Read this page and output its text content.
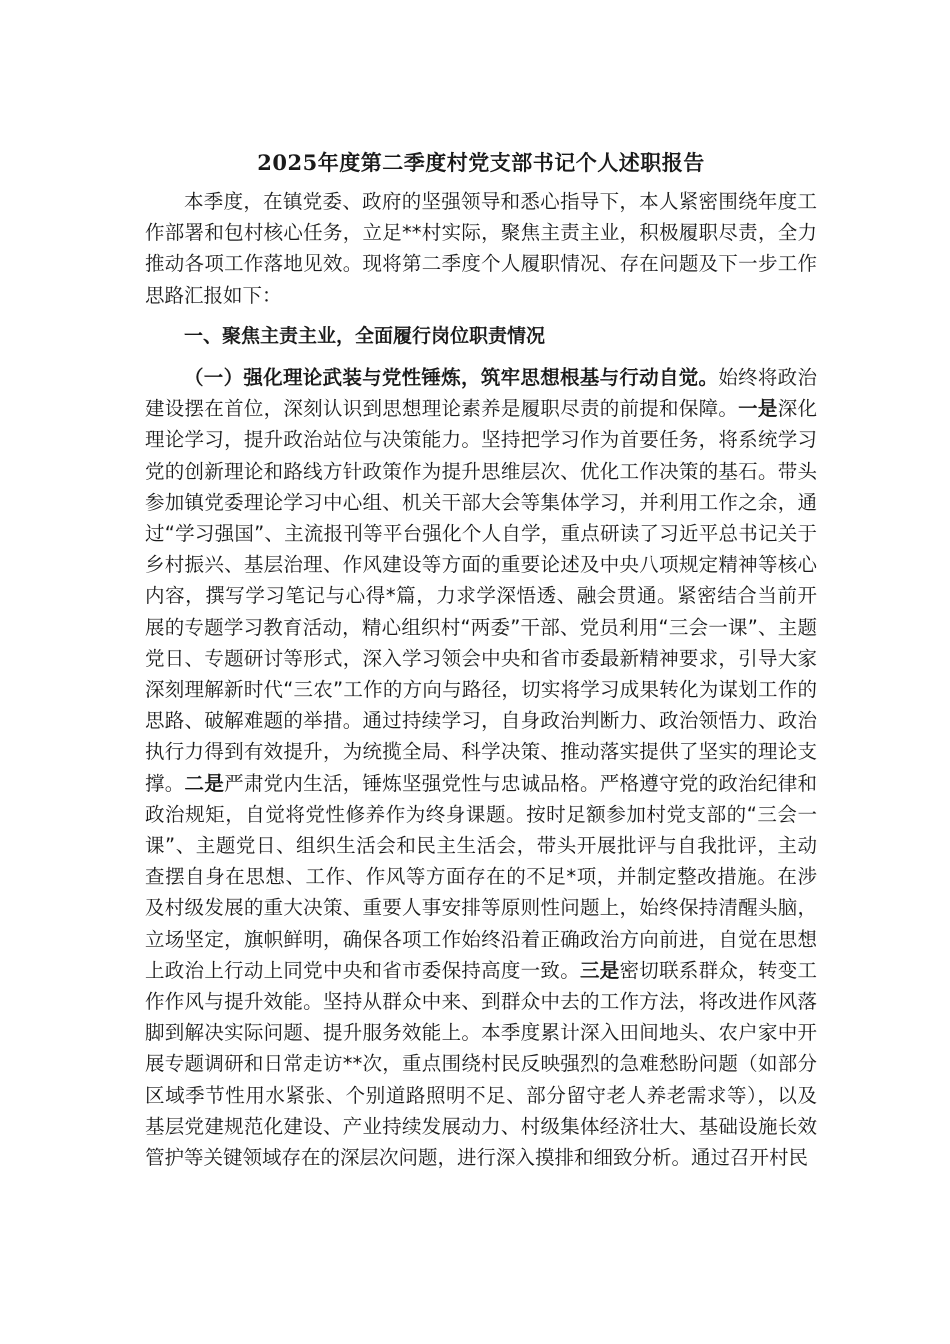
2025年度第二季度村党支部书记个人述职报告

本季度，在镇党委、政府的坚强领导和悉心指导下，本人紧密围绕年度工作部署和包村核心任务，立足**村实际，聚焦主责主业，积极履职尽责，全力推动各项工作落地见效。现将第二季度个人履职情况、存在问题及下一步工作思路汇报如下：

一、聚焦主责主业，全面履行岗位职责情况

（一）强化理论武装与党性锤炼，筑牢思想根基与行动自觉。始终将政治建设摆在首位，深刻认识到思想理论素养是履职尽责的前提和保障。一是深化理论学习，提升政治站位与决策能力。坚持把学习作为首要任务，将系统学习党的创新理论和路线方针政策作为提升思维层次、优化工作决策的基石。带头参加镇党委理论学习中心组、机关干部大会等集体学习，并利用工作之余，通过“学习强国”、主流报刊等平台强化个人自学，重点研读了习近平总书记关于乡村振兴、基层治理、作风建设等方面的重要论述及中央八项规定精神等核心内容，撰写学习笔记与心得*篇，力求学深悟透、融会贯通。紧密结合当前开展的专题学习教育活动，精心组织村“两委”干部、党员利用“三会一课”、主题党日、专题研讨等形式，深入学习领会中央和省市委最新精神要求，引导大家深刻理解新时代“三农”工作的方向与路径，切实将学习成果转化为谋划工作的思路、破解难题的举措。通过持续学习，自身政治判断力、政治领悟力、政治执行力得到有效提升，为统揽全局、科学决策、推动落实提供了坚实的理论支撑。二是严肃党内生活，锤炼坚强党性与忠诚品格。严格遵守党的政治纪律和政治规矩，自觉将党性修养作为终身课题。按时足额参加村党支部的“三会一课”、主题党日、组织生活会和民主生活会，带头开展批评与自我批评，主动查摆自身在思想、工作、作风等方面存在的不足*项，并制定整改措施。在涉及村级发展的重大决策、重要人事安排等原则性问题上，始终保持清醒头脑，立场坚定，旗帜鲜明，确保各项工作始终沿着正确政治方向前进，自觉在思想上政治上行动上同党中央和省市委保持高度一致。三是密切联系群众，转变工作作风与提升效能。坚持从群众中来、到群众中去的工作方法，将改进作风落脚到解决实际问题、提升服务效能上。本季度累计深入田间地头、农户家中开展专题调研和日常走访**次，重点围绕村民反映强烈的急难愁盼问题（如部分区域季节性用水紧张、个别道路照明不足、部分留守老人养老需求等），以及基层党建规范化建设、产业持续发展动力、村级集体经济壮大、基础设施长效管护等关键领域存在的深层次问题，进行深入摸排和细致分析。通过召开村民
